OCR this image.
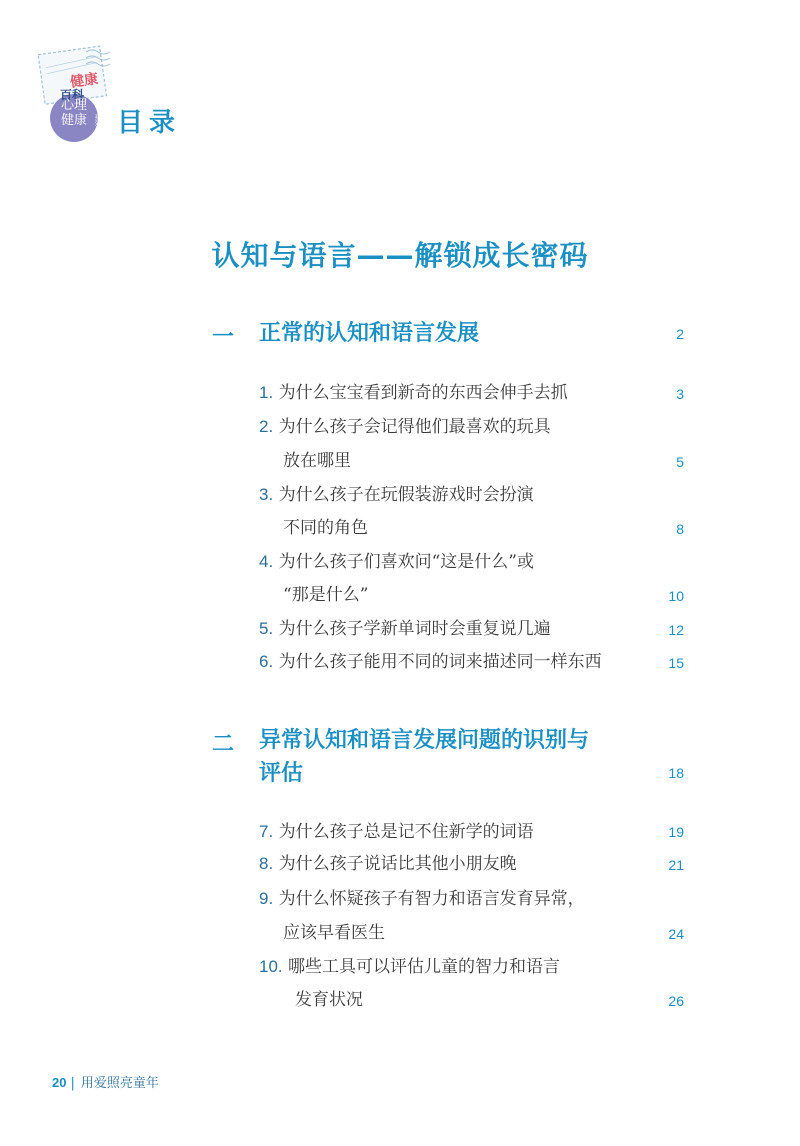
健康
百科
心理
健康	系列 目录
认知与语言——解锁成长密码
一 正常的认知和语言发展	2
1. 为什么宝宝看到新奇的东西会伸手去抓	3
2. 为什么孩子会记得他们最喜欢的玩具
放在哪里	5
3. 为什么孩子在玩假装游戏时会扮演
不同的角色	8
4. 为什么孩子们喜欢问“这是什么”或
“那是什么”	10
5. 为什么孩子学新单词时会重复说几遍	12
6. 为什么孩子能用不同的词来描述同一样东西	15
二 异常认知和语言发展问题的识别与
评估	18
7. 为什么孩子总是记不住新学的词语	19
8. 为什么孩子说话比其他小朋友晚	21
9. 为什么怀疑孩子有智力和语言发育异常，
应该早看医生	24
10. 哪些工具可以评估儿童的智力和语言
发育状况	26
20 | 用爱照亮童年
